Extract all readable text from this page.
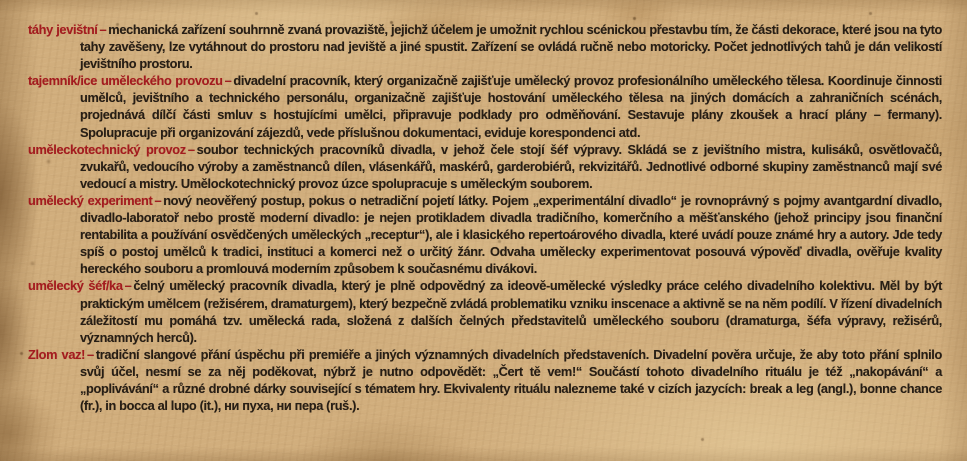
táhy jevištní – mechanická zařízení souhrnně zvaná provaziště, jejichž účelem je umožnit rychlou scénickou přestavbu tím, že části dekorace, které jsou na tyto tahy zavěšeny, lze vytáhnout do prostoru nad jeviště a jiné spustit. Zařízení se ovládá ručně nebo motoricky. Počet jednotlivých tahů je dán velikostí jevištního prostoru.

tajemník/ice uměleckého provozu – divadelní pracovník, který organizačně zajišťuje umělecký provoz profesionálního uměleckého tělesa. Koordinuje činnosti umělců, jevištního a technického personálu, organizačně zajišťuje hostování uměleckého tělesa na jiných domácích a zahraničních scénách, projednává dílčí části smluv s hostujícími umělci, připravuje podklady pro odměňování. Sestavuje plány zkoušek a hrací plány – fermany). Spolupracuje při organizování zájezdů, vede příslušnou dokumentaci, eviduje korespondenci atd.

uměleckotechnický provoz – soubor technických pracovníků divadla, v jehož čele stojí šéf výpravy. Skládá se z jevištního mistra, kulisáků, osvětlovačů, zvukařů, vedoucího výroby a zaměstnanců dílen, vlásenkářů, maskérů, garderobiérů, rekvizitářů. Jednotlivé odborné skupiny zaměstnanců mají své vedoucí a mistry. Umělockotechnický provoz úzce spolupracuje s uměleckým souborem.

umělecký experiment – nový neověřený postup, pokus o netradiční pojetí látky. Pojem „experimentální divadlo“ je rovnoprávný s pojmy avantgardní divadlo, divadlo-laboratoř nebo prostě moderní divadlo: je nejen protikladem divadla tradičního, komerčního a měšťanského (jehož principy jsou finanční rentabilita a používání osvědčených uměleckých „receptur“), ale i klasického repertoárového divadla, které uvádí pouze známé hry a autory. Jde tedy spíš o postoj umělců k tradici, instituci a komerci než o určitý žánr. Odvaha umělecky experimentovat posouvá výpověď divadla, ověřuje kvality hereckého souboru a promlouvá moderním způsobem k současnému divákovi.

umělecký šéf/ka – čelný umělecký pracovník divadla, který je plně odpovědný za ideově-umělecké výsledky práce celého divadelního kolektivu. Měl by být praktickým umělcem (režisérem, dramaturgem), který bezpečně zvládá problematiku vzniku inscenace a aktivně se na něm podílí. V řízení divadelních záležitostí mu pomáhá tzv. umělecká rada, složená z dalších čelných představitelů uměleckého souboru (dramaturga, šéfa výpravy, režisérů, významných herců).

Zlom vaz! – tradiční slangové přání úspěchu při premiéře a jiných významných divadelních představeních. Divadelní pověra určuje, že aby toto přání splnilo svůj účel, nesmí se za něj poděkovat, nýbrž je nutno odpovědět: „Čert tě vem!“ Součástí tohoto divadelního rituálu je též „nakopávání“ a „poplivávání“ a různé drobné dárky související s tématem hry. Ekvivalenty rituálu nalezneme také v cizích jazycích: break a leg (angl.), bonne chance (fr.), in bocca al lupo (it.), ни пуха, ни пера (ruš.).
